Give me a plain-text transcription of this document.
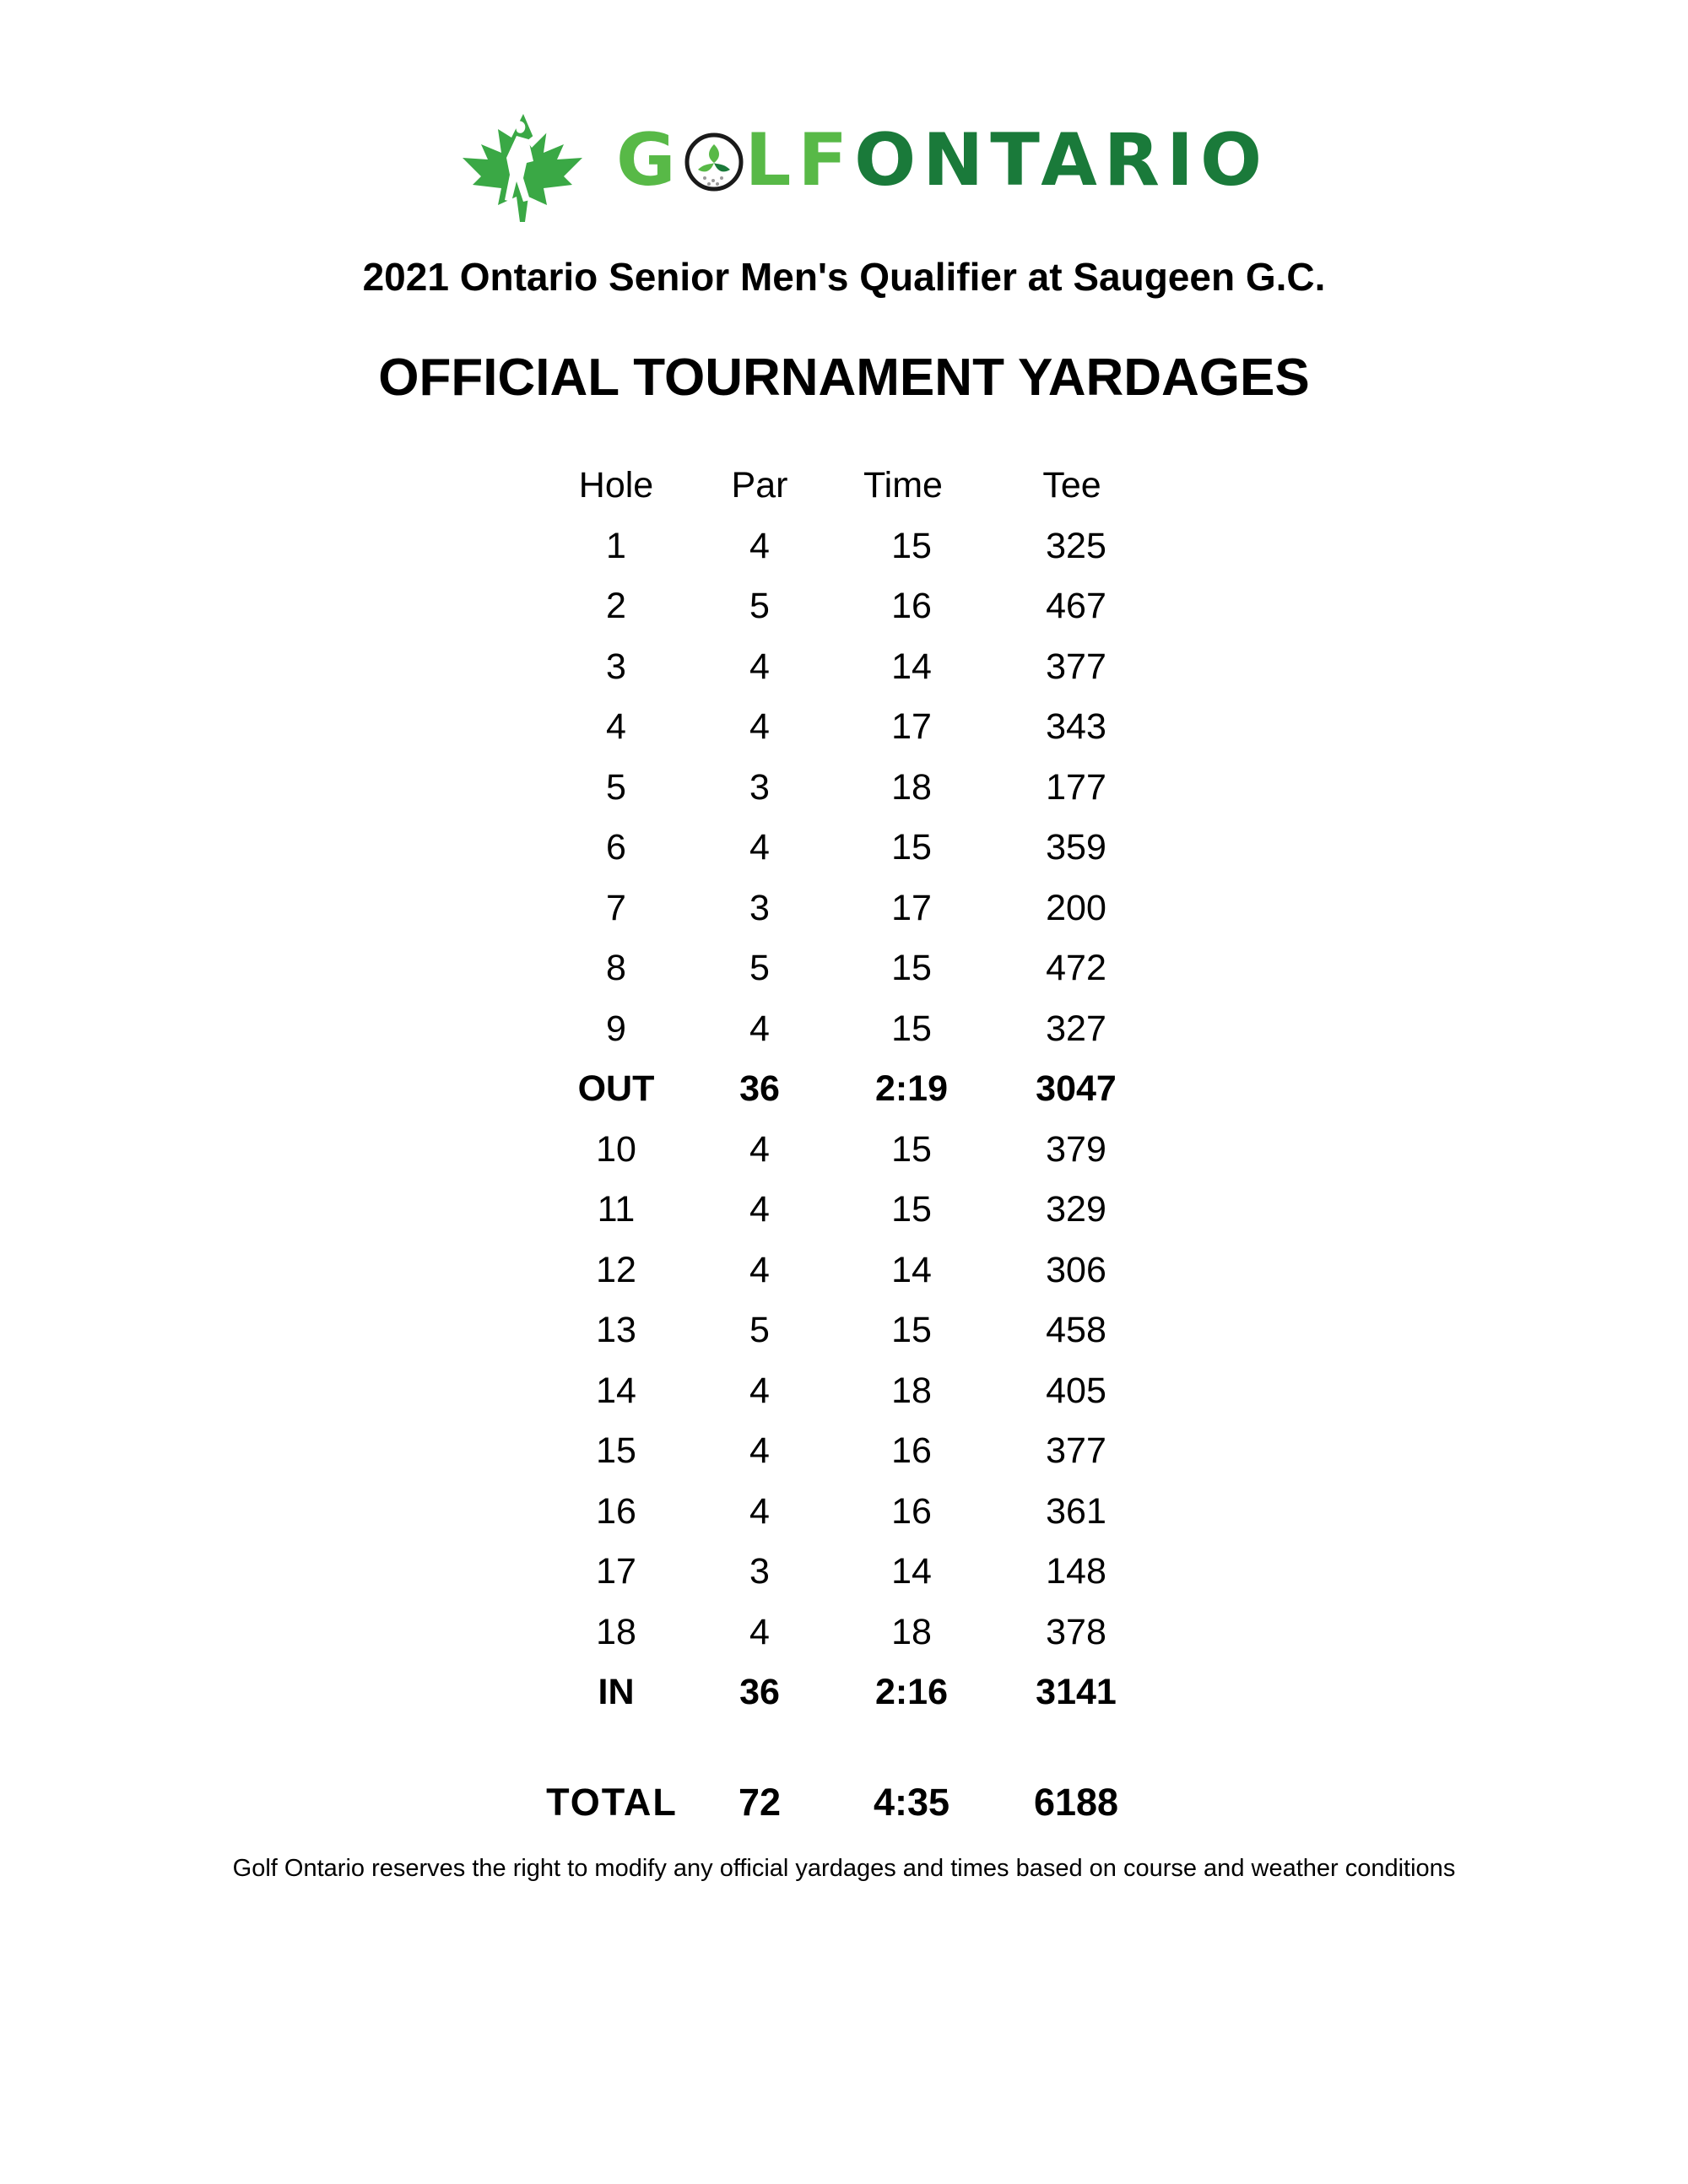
G LFONTARIO
2021 Ontario Senior Men's Qualifier at Saugeen G.C.
OFFICIAL TOURNAMENT YARDAGES
Hole	Par	Time	Tee
1	4	15	325
2	5	16	467
3	4	14	377
4	4	17	343
5	3	18	177
6	4	15	359
7	3	17	200
8	5	15	472
9	4	15	327
OUT	36	2:19	3047
10	4	15	379
11	4	15	329
12	4	14	306
13	5	15	458
14	4	18	405
15	4	16	377
16	4	16	361
17	3	14	148
18	4	18	378
IN	36	2:16	3141
TOTAL	72	4:35	6188
Golf Ontario reserves the right to modify any official yardages and times based on course and weather conditions
